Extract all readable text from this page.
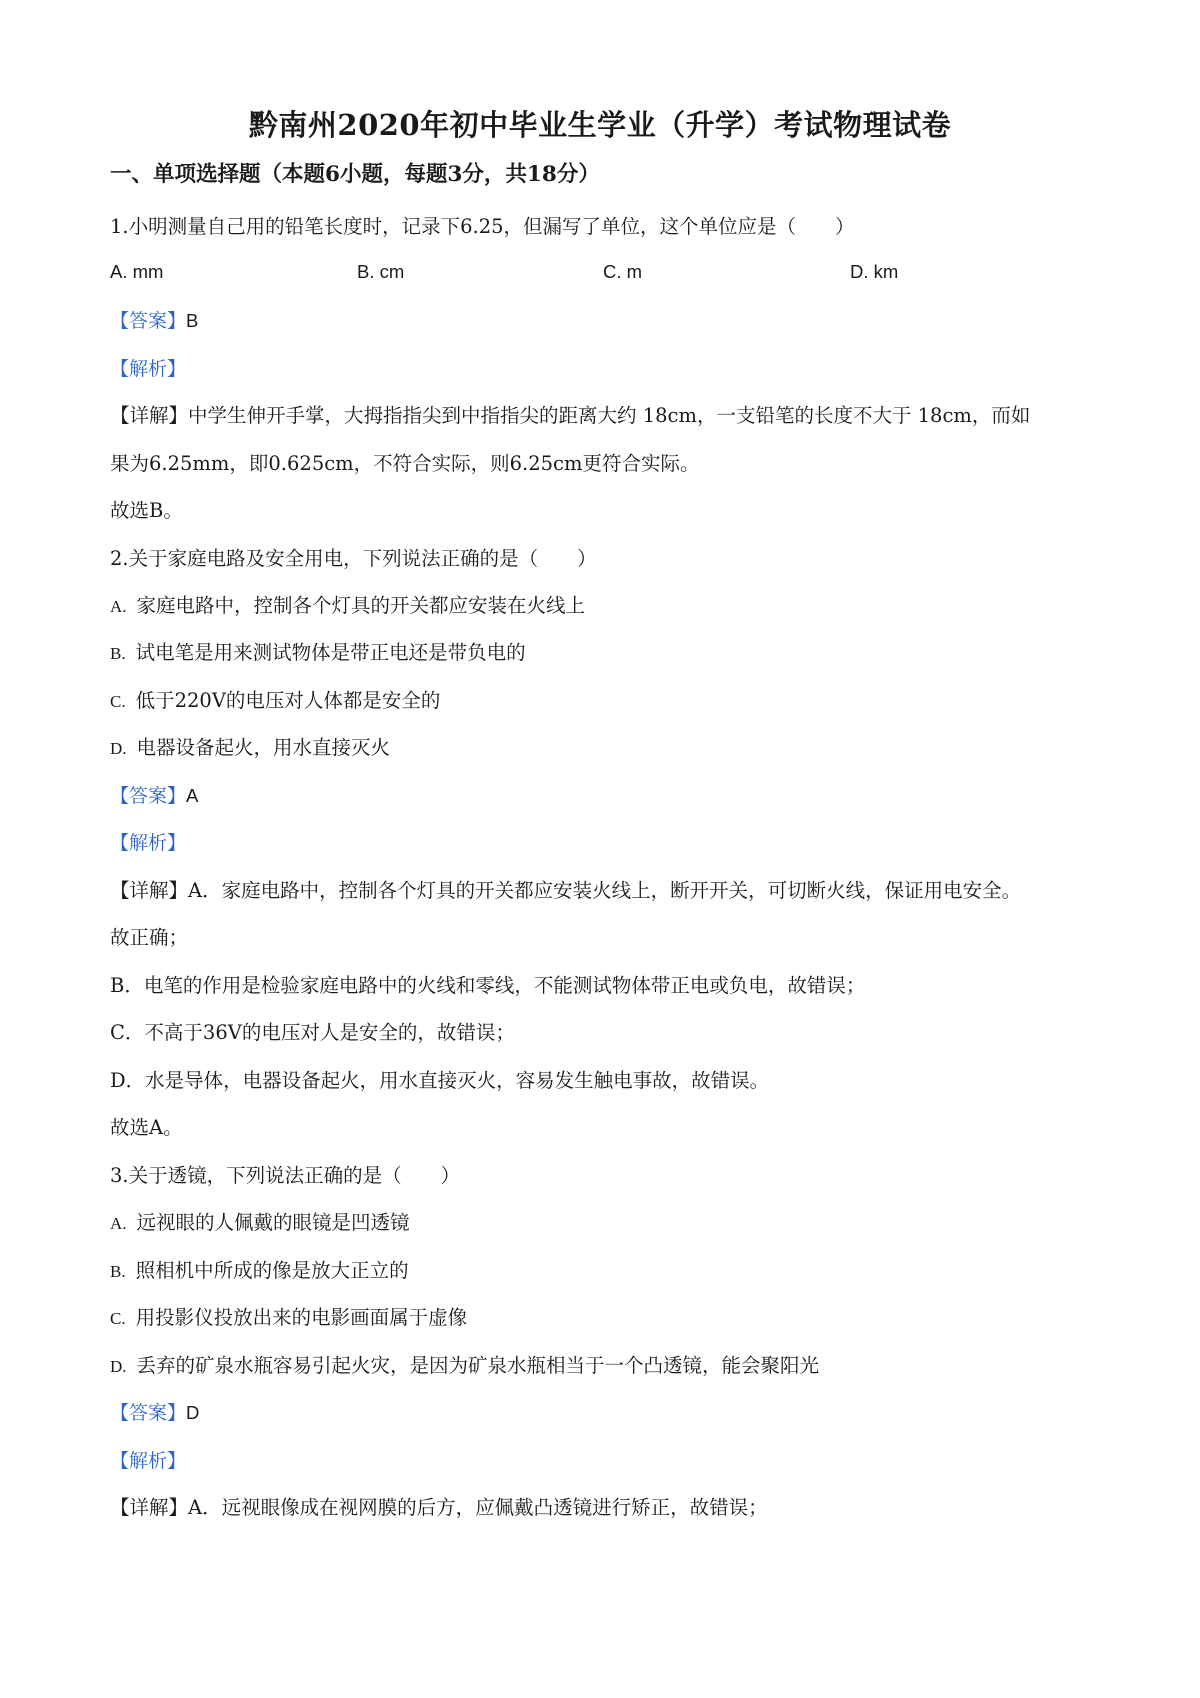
黔南州2020年初中毕业生学业（升学）考试物理试卷
一、单项选择题（本题6小题，每题3分，共18分）
1.小明测量自己用的铅笔长度时，记录下6.25，但漏写了单位，这个单位应是（　　）
A. mm	B. cm	C. m	D. km
【答案】B
【解析】
【详解】中学生伸开手掌，大拇指指尖到中指指尖的距离大约 18cm，一支铅笔的长度不大于 18cm，而如
果为6.25mm，即0.625cm，不符合实际，则6.25cm更符合实际。
故选B。
2.关于家庭电路及安全用电，下列说法正确的是（　　）
A. 家庭电路中，控制各个灯具的开关都应安装在火线上
B. 试电笔是用来测试物体是带正电还是带负电的
C. 低于220V的电压对人体都是安全的
D. 电器设备起火，用水直接灭火
【答案】A
【解析】
【详解】A．家庭电路中，控制各个灯具的开关都应安装火线上，断开开关，可切断火线，保证用电安全。
故正确；
B．电笔的作用是检验家庭电路中的火线和零线，不能测试物体带正电或负电，故错误；
C．不高于36V的电压对人是安全的，故错误；
D．水是导体，电器设备起火，用水直接灭火，容易发生触电事故，故错误。
故选A。
3.关于透镜，下列说法正确的是（　　）
A. 远视眼的人佩戴的眼镜是凹透镜
B. 照相机中所成的像是放大正立的
C. 用投影仪投放出来的电影画面属于虚像
D. 丢弃的矿泉水瓶容易引起火灾，是因为矿泉水瓶相当于一个凸透镜，能会聚阳光
【答案】D
【解析】
【详解】A．远视眼像成在视网膜的后方，应佩戴凸透镜进行矫正，故错误；
